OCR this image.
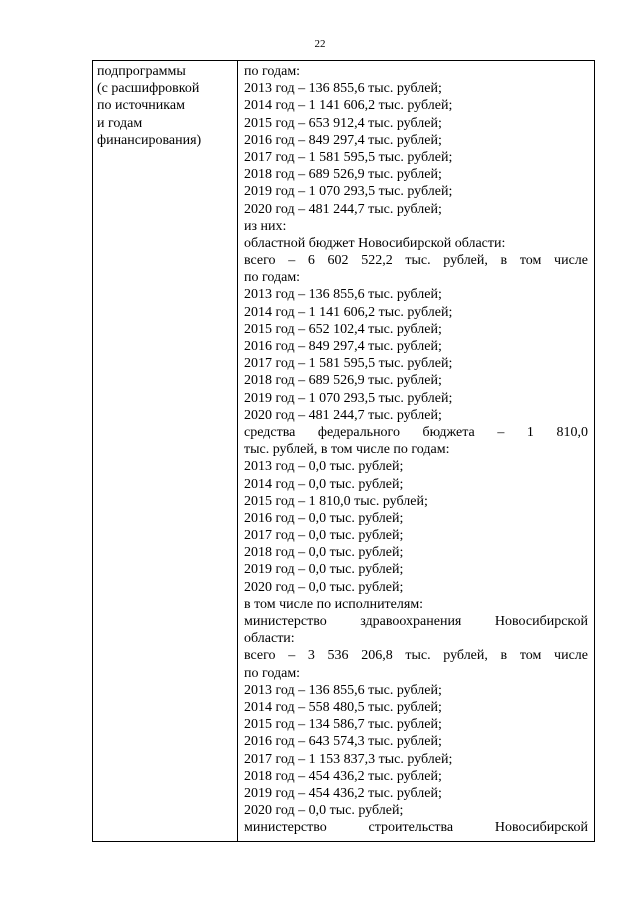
22
подпрограммы
(с расшифровкой
по источникам
и годам
финансирования)
по годам:
2013 год – 136 855,6 тыс. рублей;
2014 год – 1 141 606,2 тыс. рублей;
2015 год – 653 912,4 тыс. рублей;
2016 год – 849 297,4 тыс. рублей;
2017 год – 1 581 595,5 тыс. рублей;
2018 год – 689 526,9 тыс. рублей;
2019 год – 1 070 293,5 тыс. рублей;
2020 год – 481 244,7 тыс. рублей;
из них:
областной бюджет Новосибирской области:
всего – 6 602 522,2 тыс. рублей, в том числе
по годам:
2013 год – 136 855,6 тыс. рублей;
2014 год – 1 141 606,2 тыс. рублей;
2015 год – 652 102,4 тыс. рублей;
2016 год – 849 297,4 тыс. рублей;
2017 год – 1 581 595,5 тыс. рублей;
2018 год – 689 526,9 тыс. рублей;
2019 год – 1 070 293,5 тыс. рублей;
2020 год – 481 244,7 тыс. рублей;
средства федерального бюджета – 1 810,0
тыс. рублей, в том числе по годам:
2013 год – 0,0 тыс. рублей;
2014 год – 0,0 тыс. рублей;
2015 год – 1 810,0 тыс. рублей;
2016 год – 0,0 тыс. рублей;
2017 год – 0,0 тыс. рублей;
2018 год – 0,0 тыс. рублей;
2019 год – 0,0 тыс. рублей;
2020 год – 0,0 тыс. рублей;
в том числе по исполнителям:
министерство здравоохранения Новосибирской
области:
всего – 3 536 206,8 тыс. рублей, в том числе
по годам:
2013 год – 136 855,6 тыс. рублей;
2014 год – 558 480,5 тыс. рублей;
2015 год – 134 586,7 тыс. рублей;
2016 год – 643 574,3 тыс. рублей;
2017 год – 1 153 837,3 тыс. рублей;
2018 год – 454 436,2 тыс. рублей;
2019 год – 454 436,2 тыс. рублей;
2020 год – 0,0 тыс. рублей;
министерство строительства Новосибирской
